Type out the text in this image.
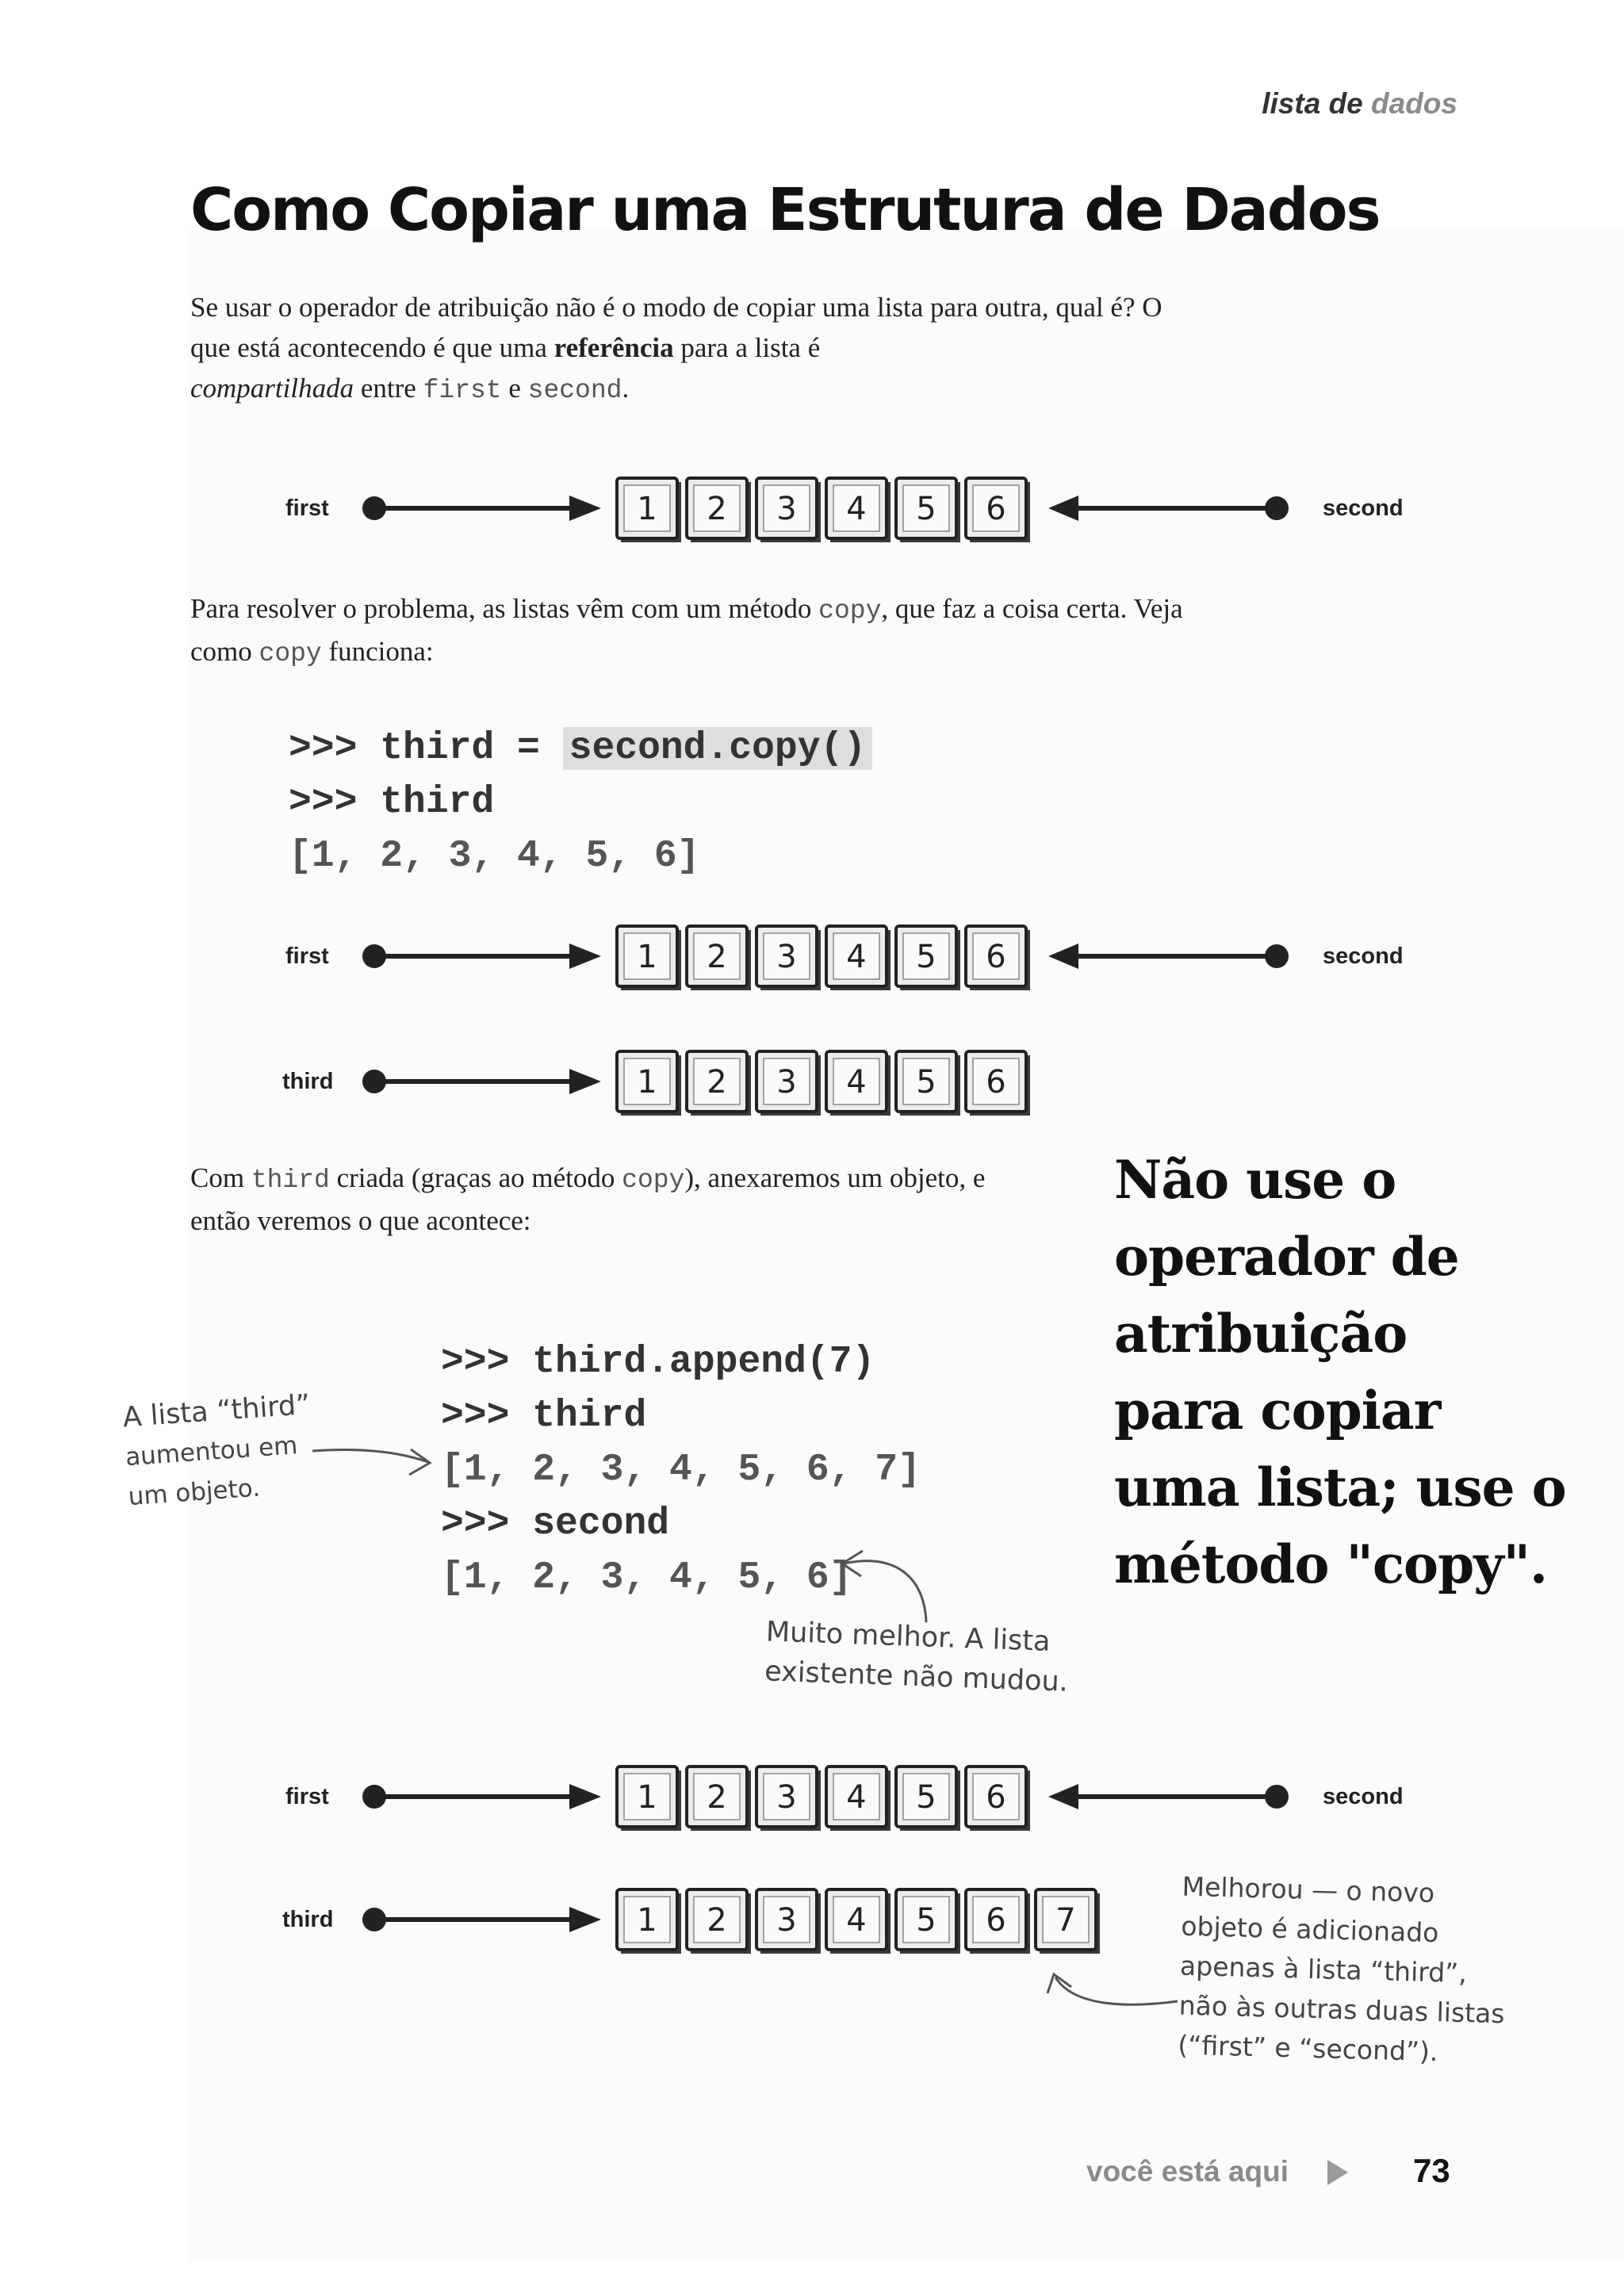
lista de dados
Como Copiar uma Estrutura de Dados

Se usar o operador de atribuição não é o modo de copiar uma lista para outra, qual é? O que está acontecendo é que uma referência para a lista é
compartilhada entre first e second.

first	1 2 3 4 5 6	second

Para resolver o problema, as listas vêm com um método copy, que faz a coisa certa. Veja como copy funciona:

>>> third = second.copy()
>>> third
[1, 2, 3, 4, 5, 6]
first	1 2 3 4 5 6	second
third	1 2 3 4 5 6

Com third criada (graças ao método copy), anexaremos um objeto, e então veremos o que acontece:

Não use o
operador de
atribuição
para copiar
uma lista; use o
método "copy".
>>> third.append(7)
>>> third
[1, 2, 3, 4, 5, 6, 7]
>>> second
[1, 2, 3, 4, 5, 6]
A lista “third”
aumentou em
um objeto.
Muito melhor. A lista
existente não mudou.
first	1 2 3 4 5 6	second
third	1 2 3 4 5 6 7
Melhorou — o novo
objeto é adicionado
apenas à lista “third”,
não às outras duas listas
(“first” e “second”).
você está aqui	73
